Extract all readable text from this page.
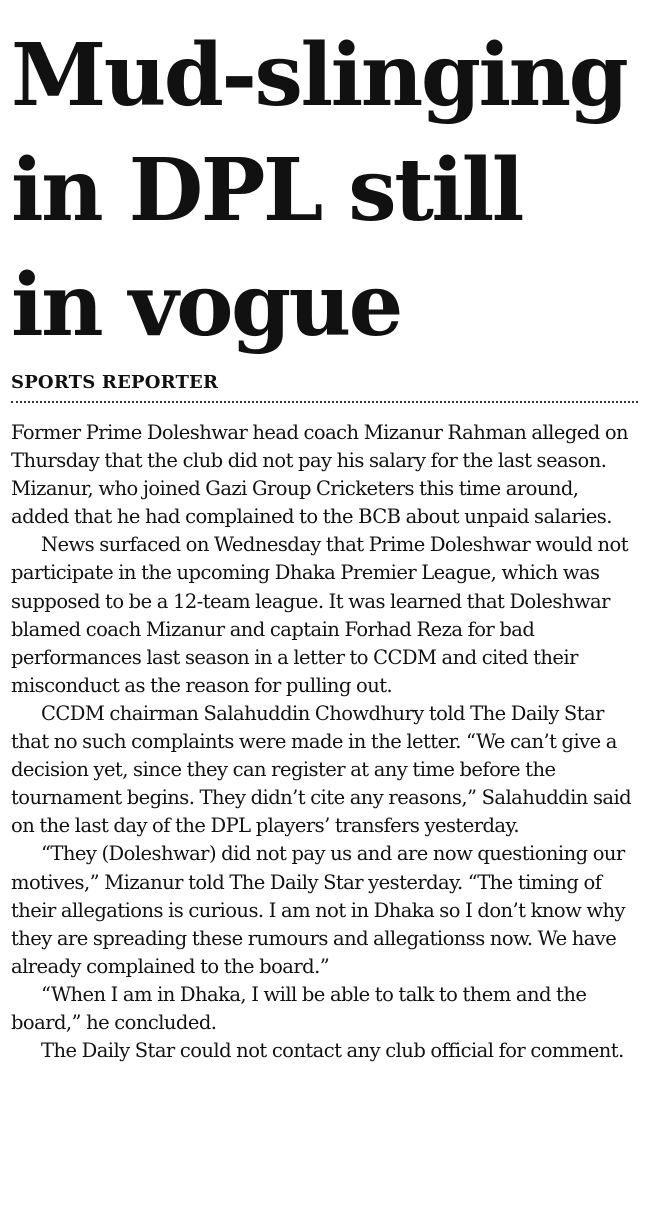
Mud-slinging in DPL still in vogue
SPORTS REPORTER

Former Prime Doleshwar head coach Mizanur Rahman alleged on Thursday that the club did not pay his salary for the last season. Mizanur, who joined Gazi Group Cricketers this time around, added that he had complained to the BCB about unpaid salaries.

News surfaced on Wednesday that Prime Doleshwar would not participate in the upcoming Dhaka Premier League, which was supposed to be a 12-team league. It was learned that Doleshwar blamed coach Mizanur and captain Forhad Reza for bad performances last season in a letter to CCDM and cited their misconduct as the reason for pulling out.

CCDM chairman Salahuddin Chowdhury told The Daily Star that no such complaints were made in the letter. “We can’t give a decision yet, since they can register at any time before the tournament begins. They didn’t cite any reasons,” Salahuddin said on the last day of the DPL players’ transfers yesterday.

“They (Doleshwar) did not pay us and are now questioning our motives,” Mizanur told The Daily Star yesterday. “The timing of their allegations is curious. I am not in Dhaka so I don’t know why they are spreading these rumours and allegationss now. We have already complained to the board.”

“When I am in Dhaka, I will be able to talk to them and the board,” he concluded.

The Daily Star could not contact any club official for comment.
